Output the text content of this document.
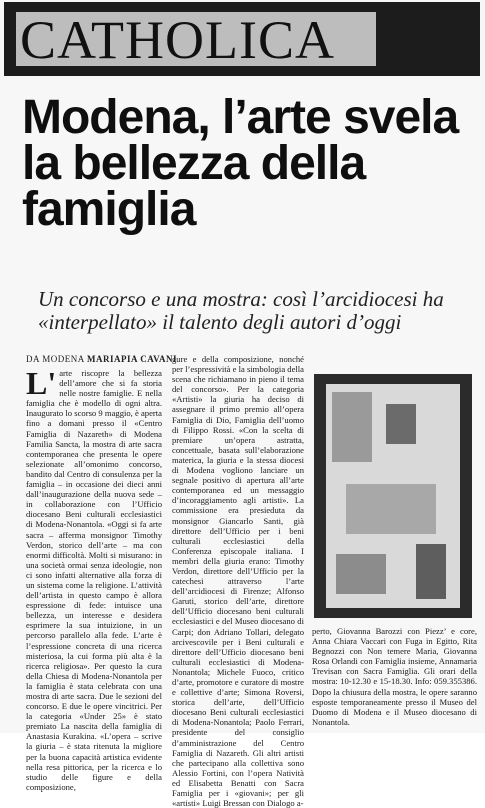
CATHOLICA
Modena, l’arte svela la bellezza della famiglia
Un concorso e una mostra: così l’arcidiocesi ha «interpellato» il talento degli autori d’oggi
DA MODENA MARIAPIA CAVANI
L' arte riscopre la bellezza dell’amore che si fa storia nelle nostre famiglie. E nella famiglia che è modello di ogni altra. Inaugurato lo scorso 9 maggio, è aperta fino a domani presso il «Centro Famiglia di Nazareth» di Modena Familia Sancta, la mostra di arte sacra contemporanea che presenta le opere selezionate all’omonimo concorso, bandito dal Centro di consulenza per la famiglia – in occasione dei dieci anni dall’inaugurazione della nuova sede – in collaborazione con l’Ufficio diocesano Beni culturali ecclesiastici di Modena-Nonantola. «Oggi si fa arte sacra – afferma monsignor Timothy Verdon, storico dell’arte – ma con enormi difficoltà. Molti si misurano: in una società ormai senza ideologie, non ci sono infatti alternative alla forza di un sistema come la religione. L’attività dell’artista in questo campo è allora espressione di fede: intuisce una bellezza, un interesse e desidera esprimere la sua intuizione, in un percorso parallelo alla fede. L’arte è l’espressione concreta di una ricerca misteriosa, la cui forma più alta è la ricerca religiosa». Per questo la cura della Chiesa di Modena-Nonantola per la famiglia è stata celebrata con una mostra di arte sacra. Due le sezioni del concorso. E due le opere vincitrici. Per la categoria «Under 25» è stato premiato La nascita della famiglia di Anastasia Kurakina. «L’opera – scrive la giuria – è stata ritenuta la migliore per la buona capacità artistica evidente nella resa pittorica, per la ricerca e lo studio delle figure e della composizione,
gure e della composizione, nonché per l’espressività e la simbologia della scena che richiamano in pieno il tema del concorso». Per la categoria «Artisti» la giuria ha deciso di assegnare il primo premio all’opera Famiglia di Dio, Famiglia dell’uomo di Filippo Rossi. «Con la scelta di premiare un’opera astratta, concettuale, basata sull’elaborazione materica, la giuria e la stessa diocesi di Modena vogliono lanciare un segnale positivo di apertura all’arte contemporanea ed un messaggio d’incoraggiamento agli artisti». La commissione era presieduta da monsignor Giancarlo Santi, già direttore dell’Ufficio per i beni culturali ecclesiastici della Conferenza episcopale italiana. I membri della giuria erano: Timothy Verdon, direttore dell’Ufficio per la catechesi attraverso l’arte dell’arcidiocesi di Firenze; Alfonso Garuti, storico dell’arte, direttore dell’Ufficio diocesano beni culturali ecclesiastici e del Museo diocesano di Carpi; don Adriano Tollari, delegato arcivescovile per i Beni culturali e direttore dell’Ufficio diocesano beni culturali ecclesiastici di Modena-Nonantola; Michele Fuoco, critico d’arte, promotore e curatore di mostre e collettive d’arte; Simona Roversi, storica dell’arte, dell’Ufficio diocesano Beni culturali ecclesiastici di Modena-Nonantola; Paolo Ferrari, presidente del consiglio d’amministrazione del Centro Famiglia di Nazareth. Gli altri artisti che partecipano alla collettiva sono Alessio Fortini, con l’opera Natività ed Elisabetta Benatti con Sacra Famiglia per i «giovani»; per gli «artisti» Luigi Bressan con Dialogo a-
perto, Giovanna Barozzi con Piezz’ e core, Anna Chiara Vaccari con Fuga in Egitto, Rita Begnozzi con Non temere Maria, Giovanna Rosa Orlandi con Famiglia insieme, Annamaria Trevisan con Sacra Famiglia. Gli orari della mostra: 10-12.30 e 15-18.30. Info: 059.355386. Dopo la chiusura della mostra, le opere saranno esposte temporaneamente presso il Museo del Duomo di Modena e il Museo diocesano di Nonantola.
